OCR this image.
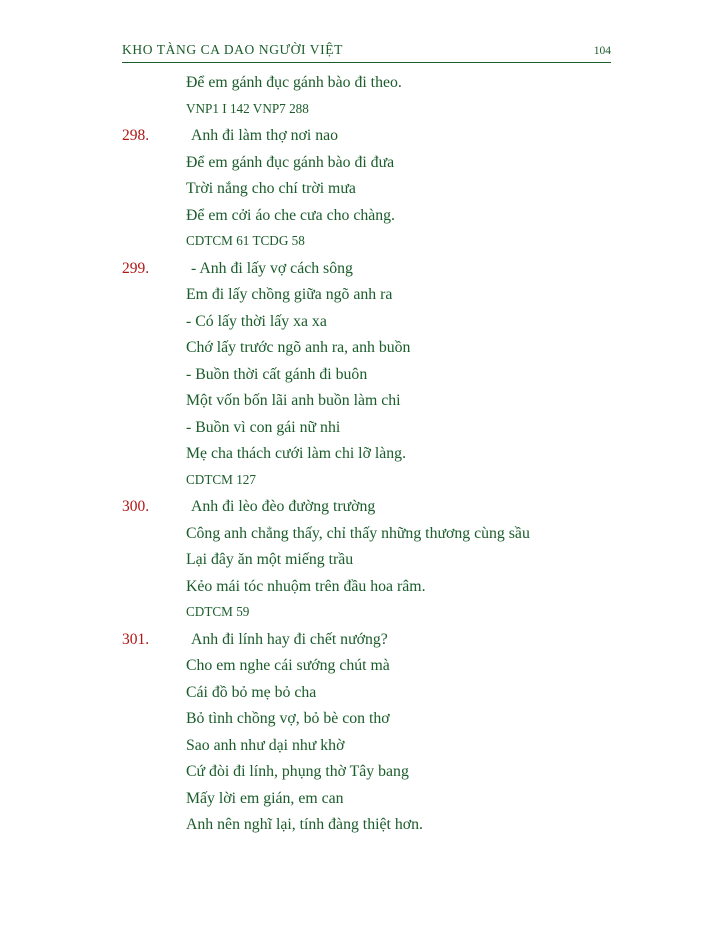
KHO TÀNG CA DAO NGƯỜI VIỆT	104
Để em gánh đục gánh bào đi theo.
VNP1 I 142 VNP7 288
298.	Anh đi làm thợ nơi nao
Để em gánh đục gánh bào đi đưa
Trời nắng cho chí trời mưa
Để em cởi áo che cưa cho chàng.
CDTCM 61 TCDG 58
299.	- Anh đi lấy vợ cách sông
Em đi lấy chồng giữa ngõ anh ra
- Có lấy thời lấy xa xa
Chớ lấy trước ngõ anh ra, anh buồn
- Buồn thời cất gánh đi buôn
Một vốn bốn lãi anh buồn làm chi
- Buồn vì con gái nữ nhi
Mẹ cha thách cưới làm chi lỡ làng.
CDTCM 127
300.	Anh đi lèo đèo đường trường
Công anh chẳng thấy, chỉ thấy những thương cùng sầu
Lại đây ăn một miếng trầu
Kẻo mái tóc nhuộm trên đầu hoa râm.
CDTCM 59
301.	Anh đi lính hay đi chết nướng?
Cho em nghe cái sướng chút mà
Cái đồ bỏ mẹ bỏ cha
Bỏ tình chồng vợ, bỏ bè con thơ
Sao anh như dại như khờ
Cứ đòi đi lính, phụng thờ Tây bang
Mấy lời em gián, em can
Anh nên nghĩ lại, tính đàng thiệt hơn.
